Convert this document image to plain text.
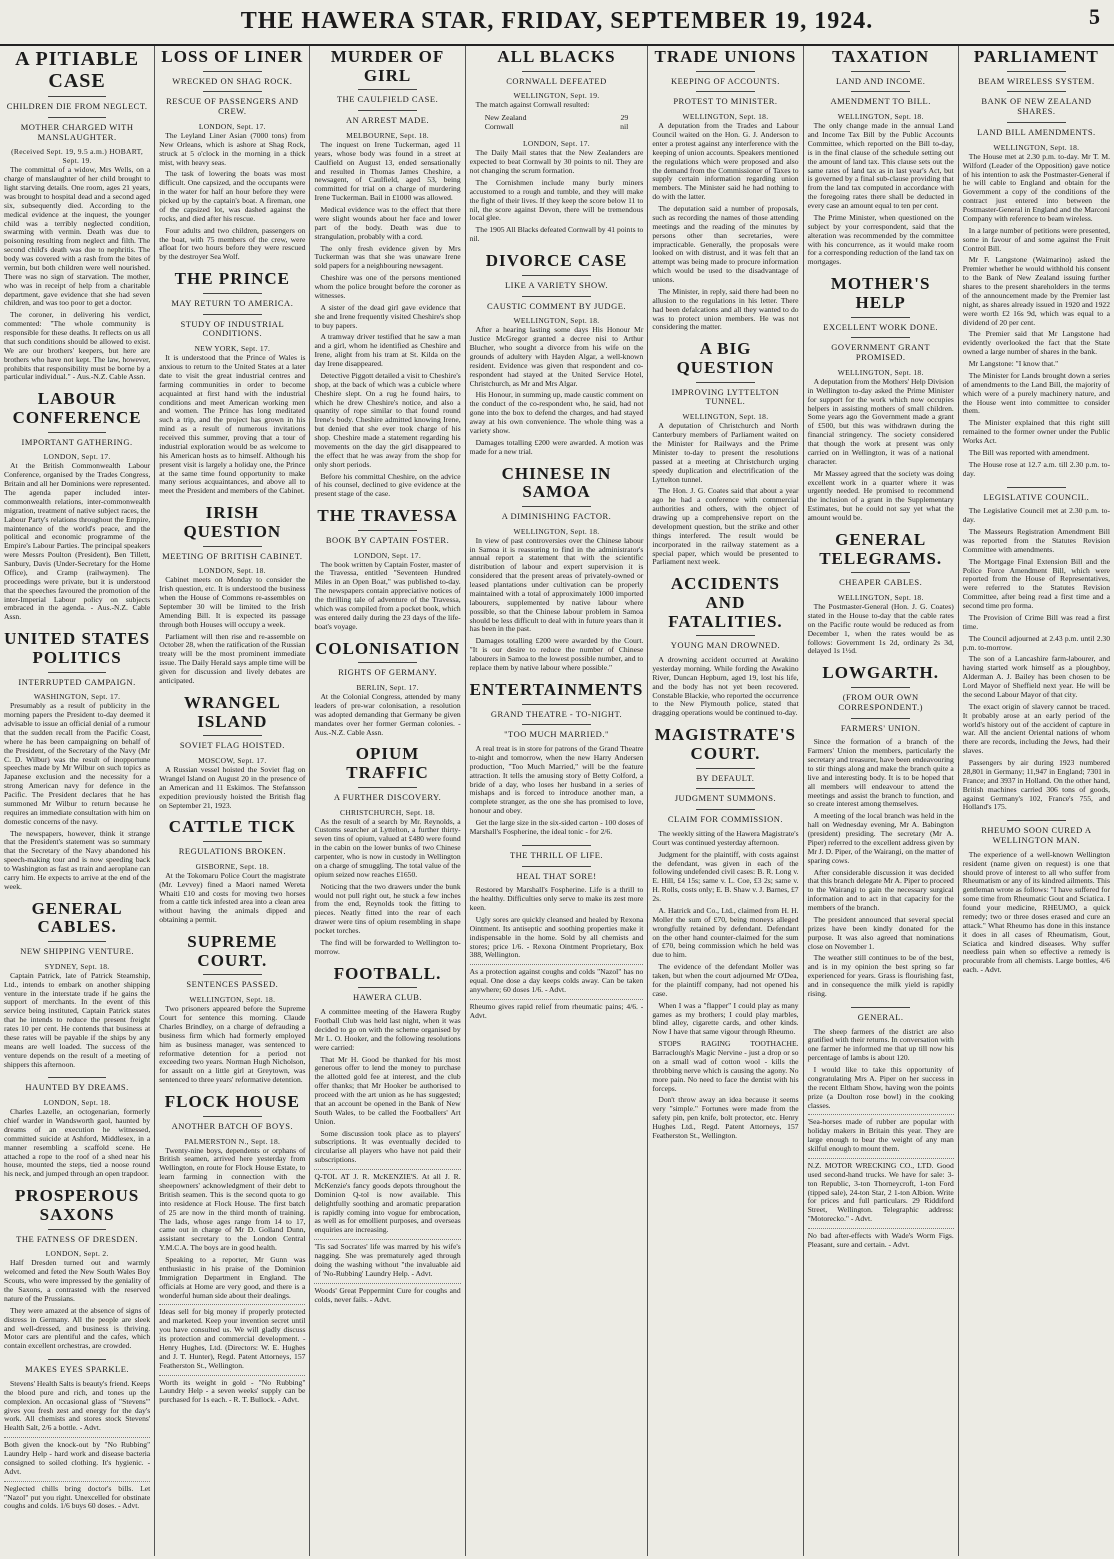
THE HAWERA STAR, FRIDAY, SEPTEMBER 19, 1924.	5
A PITIABLE CASE
CHILDREN DIE FROM NEGLECT.
MOTHER CHARGED WITH MANSLAUGHTER.
(Received Sept. 19, 9.5 a.m.) HOBART, Sept. 19.

The committal of a widow, Mrs Wells, on a charge of manslaughter of her child brought to light starving details. One room, ages 21 years, was brought to hospital dead and a second aged six, subsequently died. According to the medical evidence at the inquest, the younger child was a terribly neglected condition, swarming with vermin. Death was due to poisoning resulting from neglect and filth. The second child's death was due to nephritis. The body was covered with a rash from the bites of vermin, but both children were well nourished. There was no sign of starvation. The mother, who was in receipt of help from a charitable department, gave evidence that she had seven children, and was too poor to get a doctor.

The coroner, in delivering his verdict, commented: "The whole community is responsible for these deaths. It reflects on us all that such conditions should be allowed to exist. We are our brothers' keepers, but here are brothers who have not kept. The law, however, prohibits that responsibility must be borne by a particular individual." - Aus.-N.Z. Cable Assn.

LABOUR CONFERENCE
IMPORTANT GATHERING.
LONDON, Sept. 17.

At the British Commonwealth Labour Conference, organised by the Trades Congress, Britain and all her Dominions were represented. The agenda paper included inter-commonwealth relations, inter-commonwealth migration, treatment of native subject races, the Labour Party's relations throughout the Empire, maintenance of the world's peace, and the political and economic programme of the Empire's Labour Parties. The principal speakers were Messrs Poulton (President), Ben Tillett, Sanbury, Davis (Under-Secretary for the Home Office), and Cramp (railwaymen). The proceedings were private, but it is understood that the speeches favoured the promotion of the inter-Imperial Labour policy on subjects embraced in the agenda. - Aus.-N.Z. Cable Assn.

UNITED STATES POLITICS
INTERRUPTED CAMPAIGN.
WASHINGTON, Sept. 17.

Presumably as a result of publicity in the morning papers the President to-day deemed it advisable to issue an official denial of a rumour that the sudden recall from the Pacific Coast, where he has been campaigning on behalf of the President, of the Secretary of the Navy (Mr C. D. Wilbur) was the result of inopportune speeches made by Mr Wilbur on such topics as Japanese exclusion and the necessity for a strong American navy for defence in the Pacific. The President declares that he has summoned Mr Wilbur to return because he requires an immediate consultation with him on domestic concerns of the navy.

The newspapers, however, think it strange that the President's statement was so summary that the Secretary of the Navy abandoned his speech-making tour and is now speeding back to Washington as fast as train and aeroplane can carry him. He expects to arrive at the end of the week.

GENERAL CABLES.
NEW SHIPPING VENTURE.
SYDNEY, Sept. 18.

Captain Patrick, late of Patrick Steamship, Ltd., intends to embark on another shipping venture in the interstate trade if he gains the support of merchants. In the event of this service being instituted, Captain Patrick states that he intends to reduce the present freight rates 10 per cent. He contends that business at these rates will be payable if the ships by any means are well loaded. The success of the venture depends on the result of a meeting of shippers this afternoon.

HAUNTED BY DREAMS.
LONDON, Sept. 18.

Charles Lazelle, an octogenarian, formerly chief warder in Wandsworth gaol, haunted by dreams of an execution he witnessed, committed suicide at Ashford, Middlesex, in a manner resembling a scaffold scene. He attached a rope to the roof of a shed near his house, mounted the steps, tied a noose round his neck, and jumped through an open trapdoor.

PROSPEROUS SAXONS
THE FATNESS OF DRESDEN.
LONDON, Sept. 2.

Half Dresden turned out and warmly welcomed and feted the New South Wales Boy Scouts, who were impressed by the geniality of the Saxons, a contrasted with the reserved nature of the Prussians.

They were amazed at the absence of signs of distress in Germany. All the people are sleek and well-dressed, and business is thriving. Motor cars are plentiful and the cafes, which contain excellent orchestras, are crowded.

MAKES EYES SPARKLE.

Stevens' Health Salts is beauty's friend. Keeps the blood pure and rich, and tones up the complexion. An occasional glass of "Stevens'" gives you fresh zest and energy for the day's work. All chemists and stores stock Stevens' Health Salt, 2/6 a bottle. - Advt.

Both given the knock-out by "No Rubbing" Laundry Help - hard work and disease bacteria consigned to soiled clothing. It's hygienic. - Advt.

Neglected chills bring doctor's bills. Let "Nazol" put you right. Unexcelled for obstinate coughs and colds. 1/6 buys 60 doses. - Advt.

LOSS OF LINER
WRECKED ON SHAG ROCK.
RESCUE OF PASSENGERS AND CREW.
LONDON, Sept. 17.

The Leyland Liner Asian (7000 tons) from New Orleans, which is ashore at Shag Rock, struck at 5 o'clock in the morning in a thick mist, with heavy seas.

The task of lowering the boats was most difficult. One capsized, and the occupants were in the water for half an hour before they were picked up by the captain's boat. A fireman, one of the capsized lot, was dashed against the rocks, and died after his rescue.

Four adults and two children, passengers on the boat, with 75 members of the crew, were afloat for two hours before they were rescued by the destroyer Sea Wolf.

THE PRINCE
MAY RETURN TO AMERICA.
STUDY OF INDUSTRIAL CONDITIONS.
NEW YORK, Sept. 17.

It is understood that the Prince of Wales is anxious to return to the United States at a later date to visit the great industrial centres and farming communities in order to become acquainted at first hand with the industrial conditions and meet American working men and women. The Prince has long meditated such a trip, and the project has grown in his mind as a result of numerous invitations received this summer, proving that a tour of industrial exploration would be as welcome to his American hosts as to himself. Although his present visit is largely a holiday one, the Prince at the same time found opportunity to make many serious acquaintances, and above all to meet the President and members of the Cabinet.

IRISH QUESTION
MEETING OF BRITISH CABINET.
LONDON, Sept. 18.

Cabinet meets on Monday to consider the Irish question, etc. It is understood the business when the House of Commons re-assembles on September 30 will be limited to the Irish Amending Bill. It is expected its passage through both Houses will occupy a week.

Parliament will then rise and re-assemble on October 28, when the ratification of the Russian treaty will be the most prominent immediate issue. The Daily Herald says ample time will be given for discussion and lively debates are anticipated.

WRANGEL ISLAND
SOVIET FLAG HOISTED.
MOSCOW, Sept. 17.

A Russian vessel hoisted the Soviet flag on Wrangel Island on August 20 in the presence of an American and 11 Eskimos. The Stefansson expedition previously hoisted the British flag on September 21, 1923.

CATTLE TICK
REGULATIONS BROKEN.
GISBORNE, Sept. 18.

At the Tokomaru Police Court the magistrate (Mr. Levvey) fined a Maori named Wereta Whaiti £10 and costs for moving two horses from a cattle tick infested area into a clean area without having the animals dipped and obtaining a permit.

SUPREME COURT.
SENTENCES PASSED.
WELLINGTON, Sept. 18.

Two prisoners appeared before the Supreme Court for sentence this morning. Claude Charles Brindley, on a charge of defrauding a business firm which had formerly employed him as business manager, was sentenced to reformative detention for a period not exceeding two years. Norman Hugh Nicholson, for assault on a little girl at Greytown, was sentenced to three years' reformative detention.

FLOCK HOUSE
ANOTHER BATCH OF BOYS.
PALMERSTON N., Sept. 18.

Twenty-nine boys, dependents or orphans of British seamen, arrived here yesterday from Wellington, en route for Flock House Estate, to learn farming in connection with the sheepowners' acknowledgment of their debt to British seamen. This is the second quota to go into residence at Flock House. The first batch of 25 are now in the third month of training. The lads, whose ages range from 14 to 17, came out in charge of Mr D. Golland Dunn, assistant secretary to the London Central Y.M.C.A. The boys are in good health.

Speaking to a reporter, Mr Gunn was enthusiastic in his praise of the Dominion Immigration Department in England. The officials at Home are very good, and there is a wonderful human side about their dealings.

Ideas sell for big money if properly protected and marketed. Keep your invention secret until you have consulted us. We will gladly discuss its protection and commercial development. - Henry Hughes, Ltd. (Directors: W. E. Hughes and J. T. Hunter), Regd. Patent Attorneys, 157 Featherston St., Wellington.

Worth its weight in gold - "No Rubbing" Laundry Help - a seven weeks' supply can be purchased for 1s each. - R. T. Bullock. - Advt.

MURDER OF GIRL
THE CAULFIELD CASE.
AN ARREST MADE.
MELBOURNE, Sept. 18.

The inquest on Irene Tuckerman, aged 11 years, whose body was found in a street at Caulfield on August 13, ended sensationally and resulted in Thomas James Cheshire, a newsagent, of Caulfield, aged 53, being committed for trial on a charge of murdering Irene Tuckerman. Bail in £1000 was allowed.

Medical evidence was to the effect that there were slight wounds about her face and lower part of the body. Death was due to strangulation, probably with a cord.

The only fresh evidence given by Mrs Tuckerman was that she was unaware Irene sold papers for a neighbouring newsagent.

Cheshire was one of the persons mentioned whom the police brought before the coroner as witnesses.

A sister of the dead girl gave evidence that she and Irene frequently visited Cheshire's shop to buy papers.

A tramway driver testified that he saw a man and a girl, whom he identified as Cheshire and Irene, alight from his tram at St. Kilda on the day Irene disappeared.

Detective Piggott detailed a visit to Cheshire's shop, at the back of which was a cubicle where Cheshire slept. On a rug he found hairs, to which he drew Cheshire's notice, and also a quantity of rope similar to that found round Irene's body. Cheshire admitted knowing Irene, but denied that she ever took charge of his shop. Cheshire made a statement regarding his movements on the day the girl disappeared to the effect that he was away from the shop for only short periods.

Before his committal Cheshire, on the advice of his counsel, declined to give evidence at the present stage of the case.

THE TRAVESSA
BOOK BY CAPTAIN FOSTER.
LONDON, Sept. 17.

The book written by Captain Foster, master of the Travessa, entitled "Seventeen Hundred Miles in an Open Boat," was published to-day. The newspapers contain appreciative notices of the thrilling tale of adventure of the Travessa, which was compiled from a pocket book, which was entered daily during the 23 days of the life-boat's voyage.

COLONISATION
RIGHTS OF GERMANY.
BERLIN, Sept. 17.

At the Colonial Congress, attended by many leaders of pre-war colonisation, a resolution was adopted demanding that Germany be given mandates over her former German colonies. - Aus.-N.Z. Cable Assn.

OPIUM TRAFFIC
A FURTHER DISCOVERY.
CHRISTCHURCH, Sept. 18.

As the result of a search by Mr. Reynolds, a Customs searcher at Lyttelton, a further thirty-seven tins of opium, valued at £480 were found in the cabin on the lower bunks of two Chinese carpenter, who is now in custody in Wellington on a charge of smuggling. The total value of the opium seized now reaches £1650.

Noticing that the two drawers under the bunk would not pull right out, he stuck a few inches from the end, Reynolds took the fitting to pieces. Neatly fitted into the rear of each drawer were tins of opium resembling in shape pocket torches.

The find will be forwarded to Wellington to-morrow.

FOOTBALL.
HAWERA CLUB.

A committee meeting of the Hawera Rugby Football Club was held last night, when it was decided to go on with the scheme organised by Mr L. O. Hooker, and the following resolutions were carried:

That Mr H. Good be thanked for his most generous offer to lend the money to purchase the allotted gold fee at interest, and the club offer thanks; that Mr Hooker be authorised to proceed with the art union as he has suggested; that an account be opened in the Bank of New South Wales, to be called the Footballers' Art Union.

Some discussion took place as to players' subscriptions. It was eventually decided to circularise all players who have not paid their subscriptions.

Q-TOL AT J. R. McKENZIE'S. At all J. R. McKenzie's fancy goods depots throughout the Dominion Q-tol is now available. This delightfully soothing and aromatic preparation is rapidly coming into vogue for embrocation, as well as for emollient purposes, and overseas enquiries are increasing.

'Tis sad Socrates' life was marred by his wife's nagging. She was prematurely aged through doing the washing without "the invaluable aid of 'No-Rubbing' Laundry Help. - Advt.

Woods' Great Peppermint Cure for coughs and colds, never fails. - Advt.

ALL BLACKS
CORNWALL DEFEATED
WELLINGTON, Sept. 19.

The match against Cornwall resulted:

New Zealand	29
Cornwall	nil
LONDON, Sept. 17.

The Daily Mail states that the New Zealanders are expected to beat Cornwall by 30 points to nil. They are not changing the scrum formation.

The Cornishmen include many burly miners accustomed to a rough and tumble, and they will make the fight of their lives. If they keep the score below 11 to nil, the score against Devon, there will be tremendous local glee.

The 1905 All Blacks defeated Cornwall by 41 points to nil.

DIVORCE CASE
LIKE A VARIETY SHOW.
CAUSTIC COMMENT BY JUDGE.
WELLINGTON, Sept. 18.

After a hearing lasting some days His Honour Mr Justice McGregor granted a decree nisi to Arthur Blucher, who sought a divorce from his wife on the grounds of adultery with Hayden Algar, a well-known resident. Evidence was given that respondent and co-respondent had stayed at the United Service Hotel, Christchurch, as Mr and Mrs Algar.

His Honour, in summing up, made caustic comment on the conduct of the co-respondent who, he said, had not gone into the box to defend the charges, and had stayed away at his own convenience. The whole thing was a variety show.

Damages totalling £200 were awarded. A motion was made for a new trial.

CHINESE IN SAMOA
A DIMINISHING FACTOR.
WELLINGTON, Sept. 18.

In view of past controversies over the Chinese labour in Samoa it is reassuring to find in the administrator's annual report a statement that with the scientific distribution of labour and expert supervision it is considered that the present areas of privately-owned or leased plantations under cultivation can be properly maintained with a total of approximately 1000 imported labourers, supplemented by native labour where possible, so that the Chinese labour problem in Samoa should be less difficult to deal with in future years than it has been in the past.

Damages totalling £200 were awarded by the Court. "It is our desire to reduce the number of Chinese labourers in Samoa to the lowest possible number, and to replace them by native labour where possible."

ENTERTAINMENTS
GRAND THEATRE - TO-NIGHT.
"TOO MUCH MARRIED."

A real treat is in store for patrons of the Grand Theatre to-night and tomorrow, when the new Harry Andersen production, "Too Much Married," will be the feature attraction. It tells the amusing story of Betty Colford, a bride of a day, who loses her husband in a series of mishaps and is forced to introduce another man, a complete stranger, as the one she has promised to love, honour and obey.

Get the large size in the six-sided carton - 100 doses of Marshall's Fospherine, the ideal tonic - for 2/6.

THE THRILL OF LIFE.
HEAL THAT SORE!

Restored by Marshall's Fospherine. Life is a thrill to the healthy. Difficulties only serve to make its zest more keen.

Ugly sores are quickly cleansed and healed by Rexona Ointment. Its antiseptic and soothing properties make it indispensable in the home. Sold by all chemists and stores; price 1/6. - Rexona Ointment Proprietary, Box 388, Wellington.

As a protection against coughs and colds "Nazol" has no equal. One dose a day keeps colds away. Can be taken anywhere; 60 doses 1/6. - Advt.

Rheumo gives rapid relief from rheumatic pains; 4/6. - Advt.

TRADE UNIONS
KEEPING OF ACCOUNTS.
PROTEST TO MINISTER.
WELLINGTON, Sept. 18.

A deputation from the Trades and Labour Council waited on the Hon. G. J. Anderson to enter a protest against any interference with the keeping of union accounts. Speakers mentioned the regulations which were proposed and also the demand from the Commissioner of Taxes to supply certain information regarding union members. The Minister said he had nothing to do with the latter.

The deputation said a number of proposals, such as recording the names of those attending meetings and the reading of the minutes by persons other than secretaries, were impracticable. Generally, the proposals were looked on with distrust, and it was felt that an attempt was being made to procure information which would be used to the disadvantage of unions.

The Minister, in reply, said there had been no allusion to the regulations in his letter. There had been defalcations and all they wanted to do was to protect union members. He was not considering the matter.

A BIG QUESTION
IMPROVING LYTTELTON TUNNEL.
WELLINGTON, Sept. 18.

A deputation of Christchurch and North Canterbury members of Parliament waited on the Minister for Railways and the Prime Minister to-day to present the resolutions passed at a meeting at Christchurch urging speedy duplication and electrification of the Lyttelton tunnel.

The Hon. J. G. Coates said that about a year ago he had a conference with commercial authorities and others, with the object of drawing up a comprehensive report on the development question, but the strike and other things interfered. The result would be incorporated in the railway statement as a special paper, which would be presented to Parliament next week.

ACCIDENTS AND FATALITIES.
YOUNG MAN DROWNED.

A drowning accident occurred at Awakino yesterday morning. While fording the Awakino River, Duncan Hepburn, aged 19, lost his life, and the body has not yet been recovered. Constable Blackie, who reported the occurrence to the New Plymouth police, stated that dragging operations would be continued to-day.

MAGISTRATE'S COURT.
BY DEFAULT.
JUDGMENT SUMMONS.
CLAIM FOR COMMISSION.

The weekly sitting of the Hawera Magistrate's Court was continued yesterday afternoon.

Judgment for the plaintiff, with costs against the defendant, was given in each of the following undefended civil cases: B. R. Long v. E. Hill, £4 15s; same v. L. Coe, £3 2s; same v. H. Rolls, costs only; E. B. Shaw v. J. Barnes, £7 2s.

A. Hatrick and Co., Ltd., claimed from H. H. Moller the sum of £70, being moneys alleged wrongfully retained by defendant. Defendant on the other hand counter-claimed for the sum of £70, being commission which he held was due to him.

The evidence of the defendant Moller was taken, but when the court adjourned Mr O'Dea, for the plaintiff company, had not opened his case.

When I was a "flapper" I could play as many games as my brothers; I could play marbles, blind alley, cigarette cards, and other kinds. Now I have that same vigour through Rheumo.

STOPS RAGING TOOTHACHE. Barraclough's Magic Nervine - just a drop or so on a small wad of cotton wool - kills the throbbing nerve which is causing the agony. No more pain. No need to face the dentist with his forceps.

Don't throw away an idea because it seems very "simple." Fortunes were made from the safety pin, pen knife, bolt protector, etc. Henry Hughes Ltd., Regd. Patent Attorneys, 157 Featherston St., Wellington.

TAXATION
LAND AND INCOME.
AMENDMENT TO BILL.
WELLINGTON, Sept. 18.

The only change made in the annual Land and Income Tax Bill by the Public Accounts Committee, which reported on the Bill to-day, is in the final clause of the schedule setting out the amount of land tax. This clause sets out the same rates of land tax as in last year's Act, but is governed by a final sub-clause providing that from the land tax computed in accordance with the foregoing rates there shall be deducted in every case an amount equal to ten per cent.

The Prime Minister, when questioned on the subject by your correspondent, said that the alteration was recommended by the committee with his concurrence, as it would make room for a corresponding reduction of the land tax on mortgages.

MOTHER'S HELP
EXCELLENT WORK DONE.
GOVERNMENT GRANT PROMISED.
WELLINGTON, Sept. 18.

A deputation from the Mothers' Help Division in Wellington to-day asked the Prime Minister for support for the work which now occupies helpers in assisting mothers of small children. Some years ago the Government made a grant of £500, but this was withdrawn during the financial stringency. The society considered that though the work at present was only carried on in Wellington, it was of a national character.

Mr Massey agreed that the society was doing excellent work in a quarter where it was urgently needed. He promised to recommend the inclusion of a grant in the Supplementary Estimates, but he could not say yet what the amount would be.

GENERAL TELEGRAMS.
CHEAPER CABLES.
WELLINGTON, Sept. 18.

The Postmaster-General (Hon. J. G. Coates) stated in the House to-day that the cable rates on the Pacific route would be reduced as from December 1, when the rates would be as follows: Government 1s 2d, ordinary 2s 3d, delayed 1s 1½d.

LOWGARTH.
(FROM OUR OWN CORRESPONDENT.)
FARMERS' UNION.

Since the formation of a branch of the Farmers' Union the members, particularly the secretary and treasurer, have been endeavouring to stir things along and make the branch quite a live and interesting body. It is to be hoped that all members will endeavour to attend the meetings and assist the branch to function, and so create interest among themselves.

A meeting of the local branch was held in the hall on Wednesday evening, Mr A. Babington (president) presiding. The secretary (Mr A. Piper) referred to the excellent address given by Mr J. D. Piper, of the Wairangi, on the matter of sparing cows.

After considerable discussion it was decided that this branch delegate Mr A. Piper to proceed to the Wairangi to gain the necessary surgical information and to act in that capacity for the members of the branch.

The president announced that several special prizes have been kindly donated for the purpose. It was also agreed that nominations close on November 1.

The weather still continues to be of the best, and is in my opinion the best spring so far experienced for years. Grass is flourishing fast, and in consequence the milk yield is rapidly rising.

GENERAL.

The sheep farmers of the district are also gratified with their returns. In conversation with one farmer he informed me that up till now his percentage of lambs is about 120.

I would like to take this opportunity of congratulating Mrs A. Piper on her success in the recent Eltham Show, having won the points prize (a Doulton rose bowl) in the cooking classes.

'Sea-horses made of rubber are popular with holiday makers in Britain this year. They are large enough to bear the weight of any man skilful enough to mount them.

N.Z. MOTOR WRECKING CO., LTD. Good used second-hand trucks. We have for sale: 3-ton Republic, 3-ton Thorneycroft, 1-ton Ford (tipped sale), 24-ton Star, 2 1-ton Albion. Write for prices and full particulars. 29 Riddiford Street, Wellington. Telegraphic address: "Motorecko." - Advt.

No bad after-effects with Wade's Worm Figs. Pleasant, sure and certain. - Advt.

PARLIAMENT
BEAM WIRELESS SYSTEM.
BANK OF NEW ZEALAND SHARES.
LAND BILL AMENDMENTS.
WELLINGTON, Sept. 18.

The House met at 2.30 p.m. to-day. Mr T. M. Wilford (Leader of the Opposition) gave notice of his intention to ask the Postmaster-General if he will cable to England and obtain for the Government a copy of the conditions of the contract just entered into between the Postmaster-General in England and the Marconi Company with reference to beam wireless.

In a large number of petitions were presented, some in favour of and some against the Fruit Control Bill.

Mr F. Langstone (Waimarino) asked the Premier whether he would withhold his consent to the Bank of New Zealand issuing further shares to the present shareholders in the terms of the announcement made by the Premier last night, as shares already issued in 1920 and 1922 were worth £2 16s 9d, which was equal to a dividend of 20 per cent.

The Premier said that Mr Langstone had evidently overlooked the fact that the State owned a large number of shares in the bank.

Mr Langstone: "I know that."

The Minister for Lands brought down a series of amendments to the Land Bill, the majority of which were of a purely machinery nature, and the House went into committee to consider them.

The Minister explained that this right still remained to the former owner under the Public Works Act.

The Bill was reported with amendment.

The House rose at 12.7 a.m. till 2.30 p.m. to-day.

LEGISLATIVE COUNCIL.

The Legislative Council met at 2.30 p.m. to-day.

The Masseurs Registration Amendment Bill was reported from the Statutes Revision Committee with amendments.

The Mortgage Final Extension Bill and the Police Force Amendment Bill, which were reported from the House of Representatives, were referred to the Statutes Revision Committee, after being read a first time and a second time pro forma.

The Provision of Crime Bill was read a first time.

The Council adjourned at 2.43 p.m. until 2.30 p.m. to-morrow.

The son of a Lancashire farm-labourer, and having started work himself as a ploughboy, Alderman A. J. Bailey has been chosen to be Lord Mayor of Sheffield next year. He will be the second Labour Mayor of that city.

The exact origin of slavery cannot be traced. It probably arose at an early period of the world's history out of the accident of capture in war. All the ancient Oriental nations of whom there are records, including the Jews, had their slaves.

Passengers by air during 1923 numbered 28,801 in Germany; 11,947 in England; 7301 in France; and 3937 in Holland. On the other hand, British machines carried 306 tons of goods, against Germany's 102, France's 755, and Holland's 175.

RHEUMO SOON CURED A WELLINGTON MAN.

The experience of a well-known Wellington resident (name given on request) is one that should prove of interest to all who suffer from Rheumatism or any of its kindred ailments. This gentleman wrote as follows: "I have suffered for some time from Rheumatic Gout and Sciatica. I found your medicine, RHEUMO, a quick remedy; two or three doses erased and cure an attack." What Rheumo has done in this instance it does in all cases of Rheumatism, Gout, Sciatica and kindred diseases. Why suffer needless pain when so effective a remedy is procurable from all chemists. Large bottles, 4/6 each. - Advt.
